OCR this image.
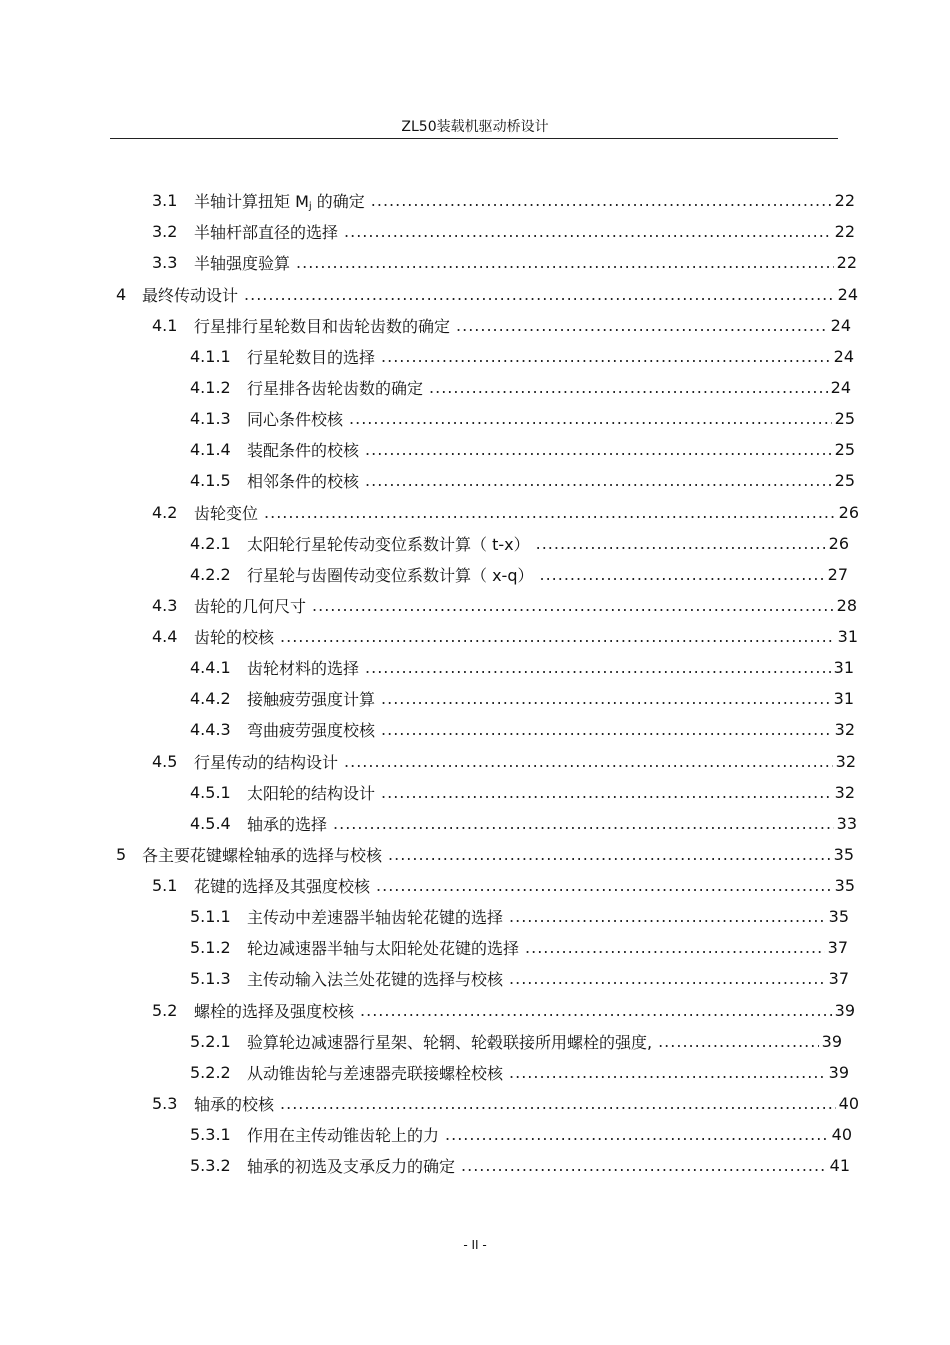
ZL50装载机驱动桥设计
3.1	半轴计算扭矩 $M_j$ 的确定 .....	22
3.2	半轴杆部直径的选择 .....	22
3.3	半轴强度验算 .....	22
4 最终传动设计 .....	24
4.1	行星排行星轮数目和齿轮齿数的确定 .....	24
4.1.1	行星轮数目的选择 .....	24
4.1.2	行星排各齿轮齿数的确定 .....	24
4.1.3	同心条件校核 .....	25
4.1.4	装配条件的校核 .....	25
4.1.5	相邻条件的校核 .....	25
4.2	齿轮变位 .....	26
4.2.1	太阳轮行星轮传动变位系数计算（ t-x） .....	26
4.2.2	行星轮与齿圈传动变位系数计算（ x-q） .....	27
4.3	齿轮的几何尺寸 .....	28
4.4	齿轮的校核 .....	31
4.4.1	齿轮材料的选择 .....	31
4.4.2	接触疲劳强度计算 .....	31
4.4.3	弯曲疲劳强度校核 .....	32
4.5	行星传动的结构设计 .....	32
4.5.1	太阳轮的结构设计 .....	32
4.5.4	轴承的选择 .....	33
5 各主要花键螺栓轴承的选择与校核 .....	35
5.1	花键的选择及其强度校核 .....	35
5.1.1	主传动中差速器半轴齿轮花键的选择 .....	35
5.1.2	轮边减速器半轴与太阳轮处花键的选择 .....	37
5.1.3	主传动输入法兰处花键的选择与校核 .....	37
5.2	螺栓的选择及强度校核 .....	39
5.2.1	验算轮边减速器行星架、轮辋、轮毂联接所用螺栓的强度, .....	39
5.2.2	从动锥齿轮与差速器壳联接螺栓校核 .....	39
5.3	轴承的校核 .....	40
5.3.1	作用在主传动锥齿轮上的力 .....	40
5.3.2	轴承的初选及支承反力的确定 .....	41
- II -
